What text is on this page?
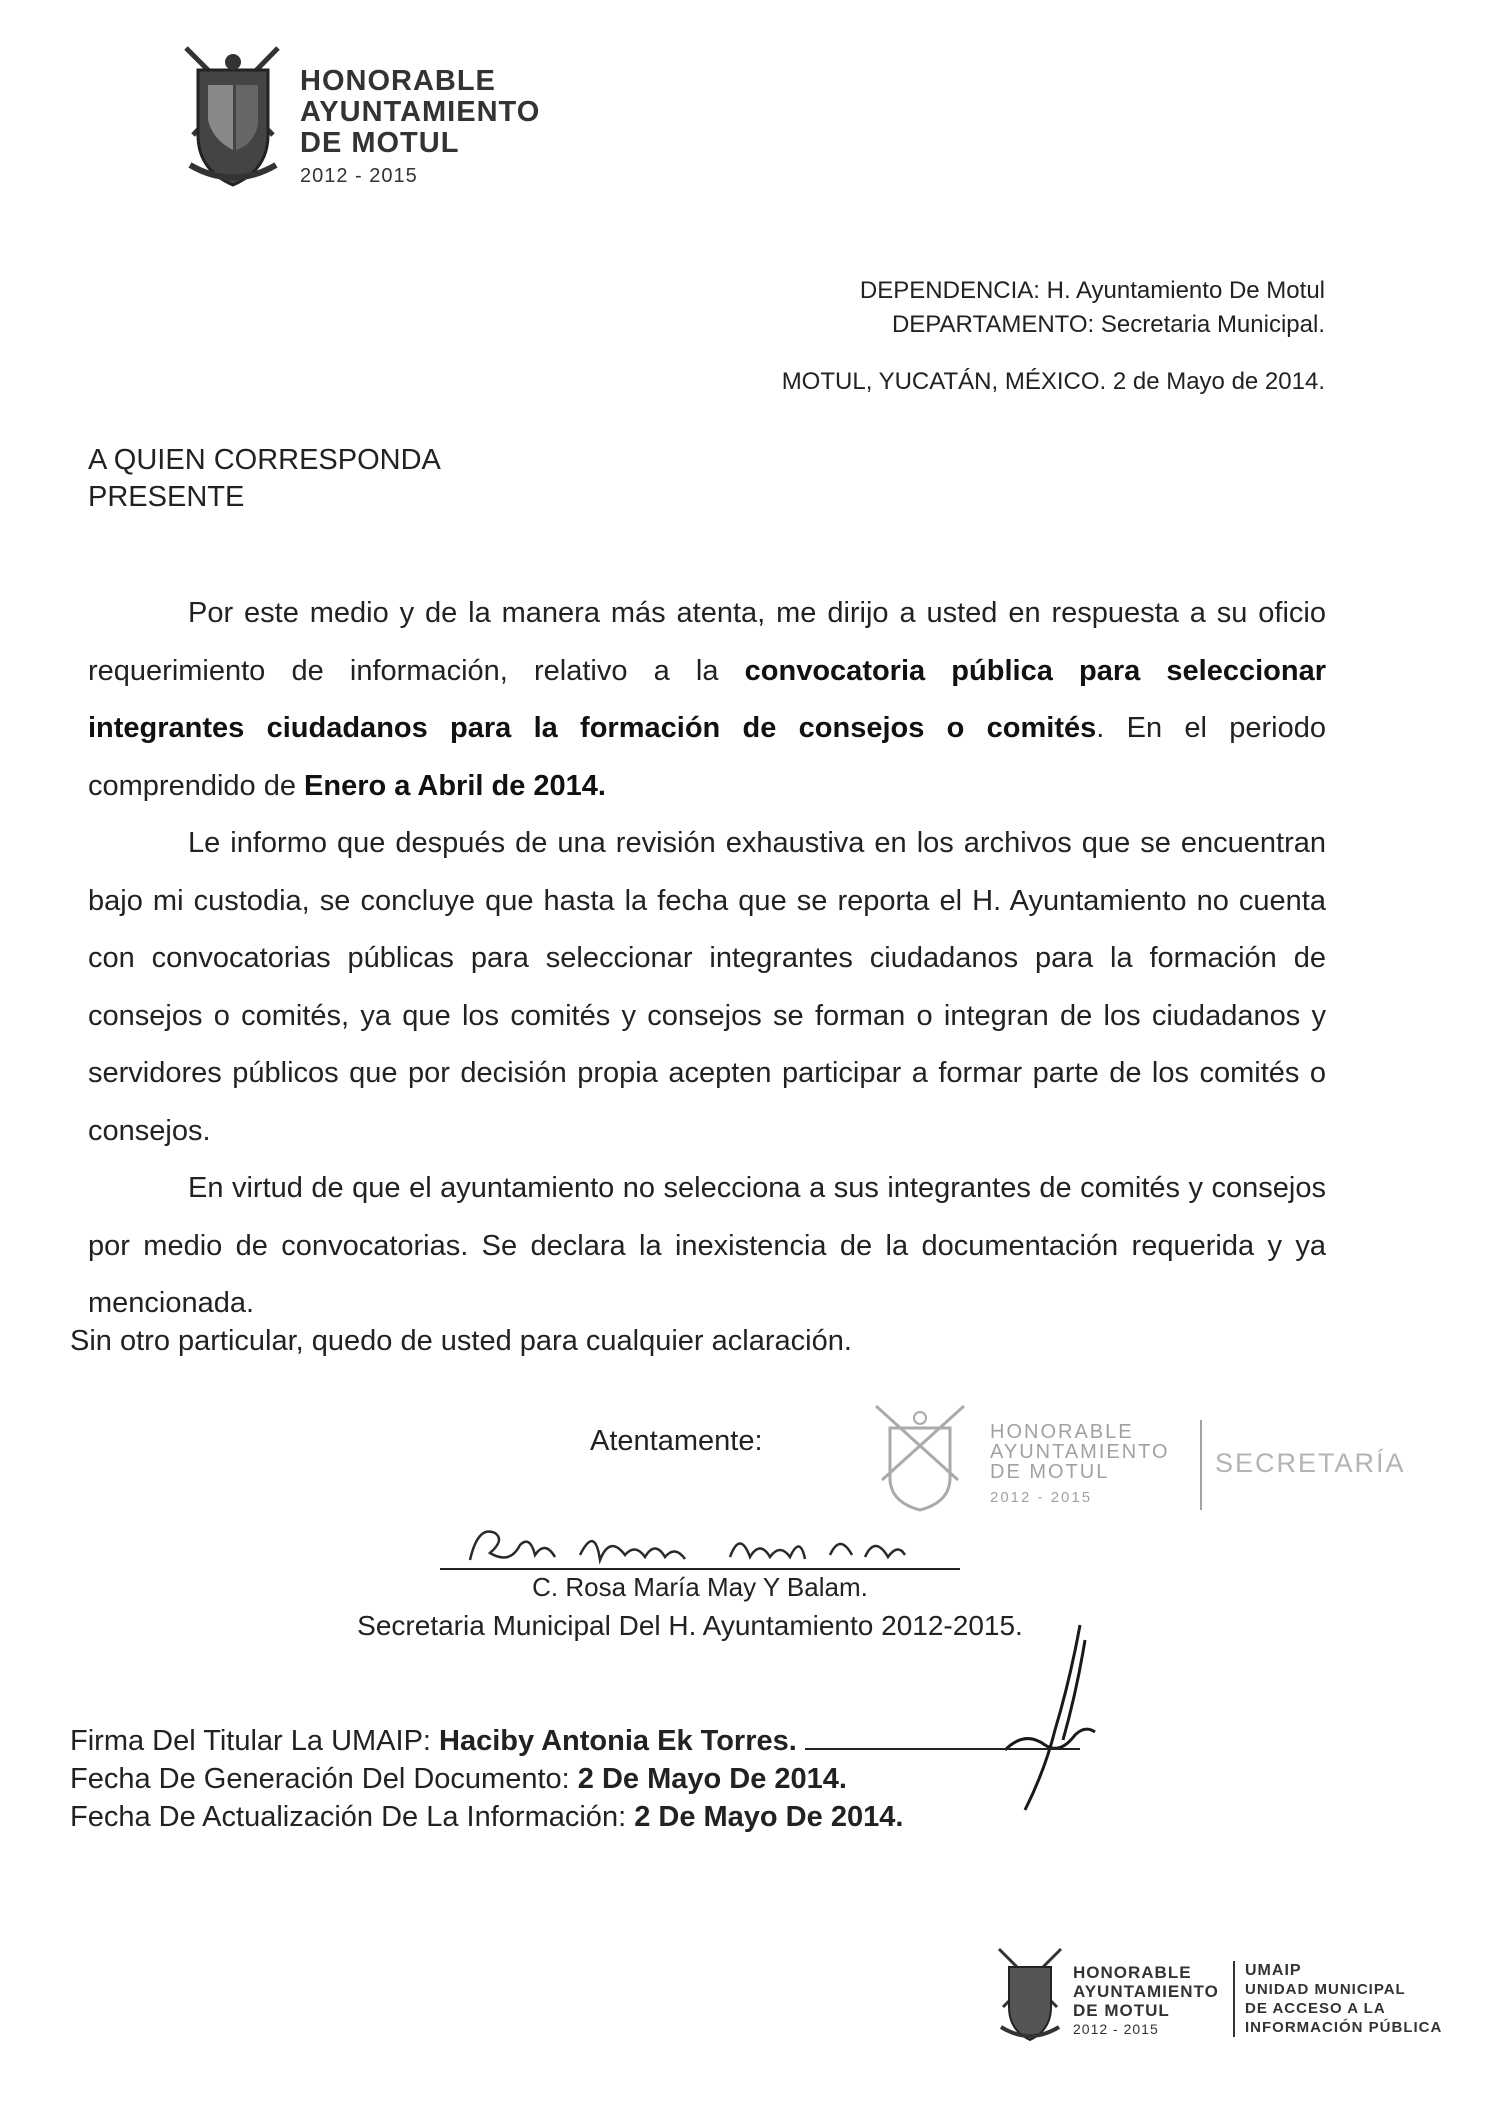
HONORABLE
AYUNTAMIENTO
DE MOTUL
2012 - 2015
DEPENDENCIA: H. Ayuntamiento De Motul
DEPARTAMENTO: Secretaria Municipal.
MOTUL, YUCATÁN, MÉXICO. 2 de Mayo de 2014.
A QUIEN CORRESPONDA
PRESENTE

Por este medio y de la manera más atenta, me dirijo a usted en respuesta a su oficio requerimiento de información, relativo a la convocatoria pública para seleccionar integrantes ciudadanos para la formación de consejos o comités. En el periodo comprendido de Enero a Abril de 2014.

Le informo que después de una revisión exhaustiva en los archivos que se encuentran bajo mi custodia, se concluye que hasta la fecha que se reporta el H. Ayuntamiento no cuenta con convocatorias públicas para seleccionar integrantes ciudadanos para la formación de consejos o comités, ya que los comités y consejos se forman o integran de los ciudadanos y servidores públicos que por decisión propia acepten participar a formar parte de los comités o consejos.

En virtud de que el ayuntamiento no selecciona a sus integrantes de comités y consejos por medio de convocatorias. Se declara la inexistencia de la documentación requerida y ya mencionada.

Sin otro particular, quedo de usted para cualquier aclaración.
Atentamente:	HONORABLE
AYUNTAMIENTO
DE MOTUL
2012 - 2015
SECRETARÍA
C. Rosa María May Y Balam.
Secretaria Municipal Del H. Ayuntamiento 2012-2015.
Firma Del Titular La UMAIP: Haciby Antonia Ek Torres.
Fecha De Generación Del Documento: 2 De Mayo De 2014.
Fecha De Actualización De La Información: 2 De Mayo De 2014.
HONORABLE
AYUNTAMIENTO
DE MOTUL
2012 - 2015
UMAIP
UNIDAD MUNICIPAL
DE ACCESO A LA
INFORMACIÓN PÚBLICA
